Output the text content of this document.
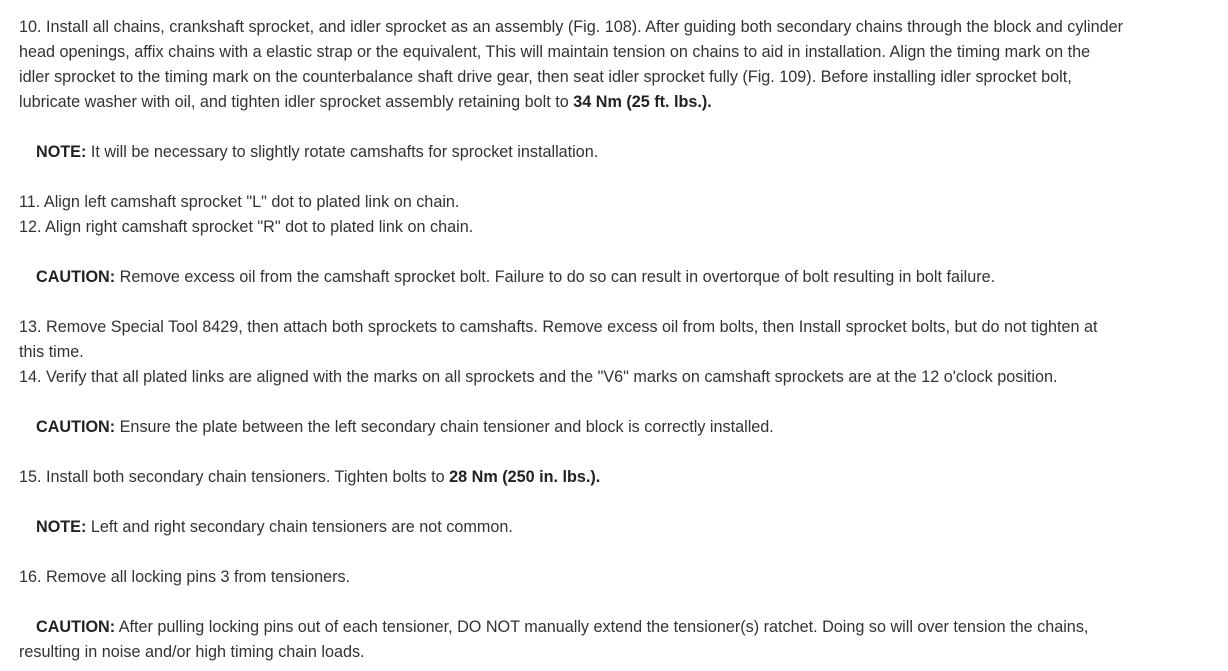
10. Install all chains, crankshaft sprocket, and idler sprocket as an assembly (Fig. 108). After guiding both secondary chains through the block and cylinder
head openings, affix chains with a elastic strap or the equivalent, This will maintain tension on chains to aid in installation. Align the timing mark on the
idler sprocket to the timing mark on the counterbalance shaft drive gear, then seat idler sprocket fully (Fig. 109). Before installing idler sprocket bolt,
lubricate washer with oil, and tighten idler sprocket assembly retaining bolt to 34 Nm (25 ft. lbs.).
NOTE: It will be necessary to slightly rotate camshafts for sprocket installation.
11. Align left camshaft sprocket "L" dot to plated link on chain.
12. Align right camshaft sprocket "R" dot to plated link on chain.
CAUTION: Remove excess oil from the camshaft sprocket bolt. Failure to do so can result in overtorque of bolt resulting in bolt failure.
13. Remove Special Tool 8429, then attach both sprockets to camshafts. Remove excess oil from bolts, then Install sprocket bolts, but do not tighten at
this time.
14. Verify that all plated links are aligned with the marks on all sprockets and the "V6" marks on camshaft sprockets are at the 12 o'clock position.
CAUTION: Ensure the plate between the left secondary chain tensioner and block is correctly installed.
15. Install both secondary chain tensioners. Tighten bolts to 28 Nm (250 in. lbs.).
NOTE: Left and right secondary chain tensioners are not common.
16. Remove all locking pins 3 from tensioners.
CAUTION: After pulling locking pins out of each tensioner, DO NOT manually extend the tensioner(s) ratchet. Doing so will over tension the chains,
resulting in noise and/or high timing chain loads.
